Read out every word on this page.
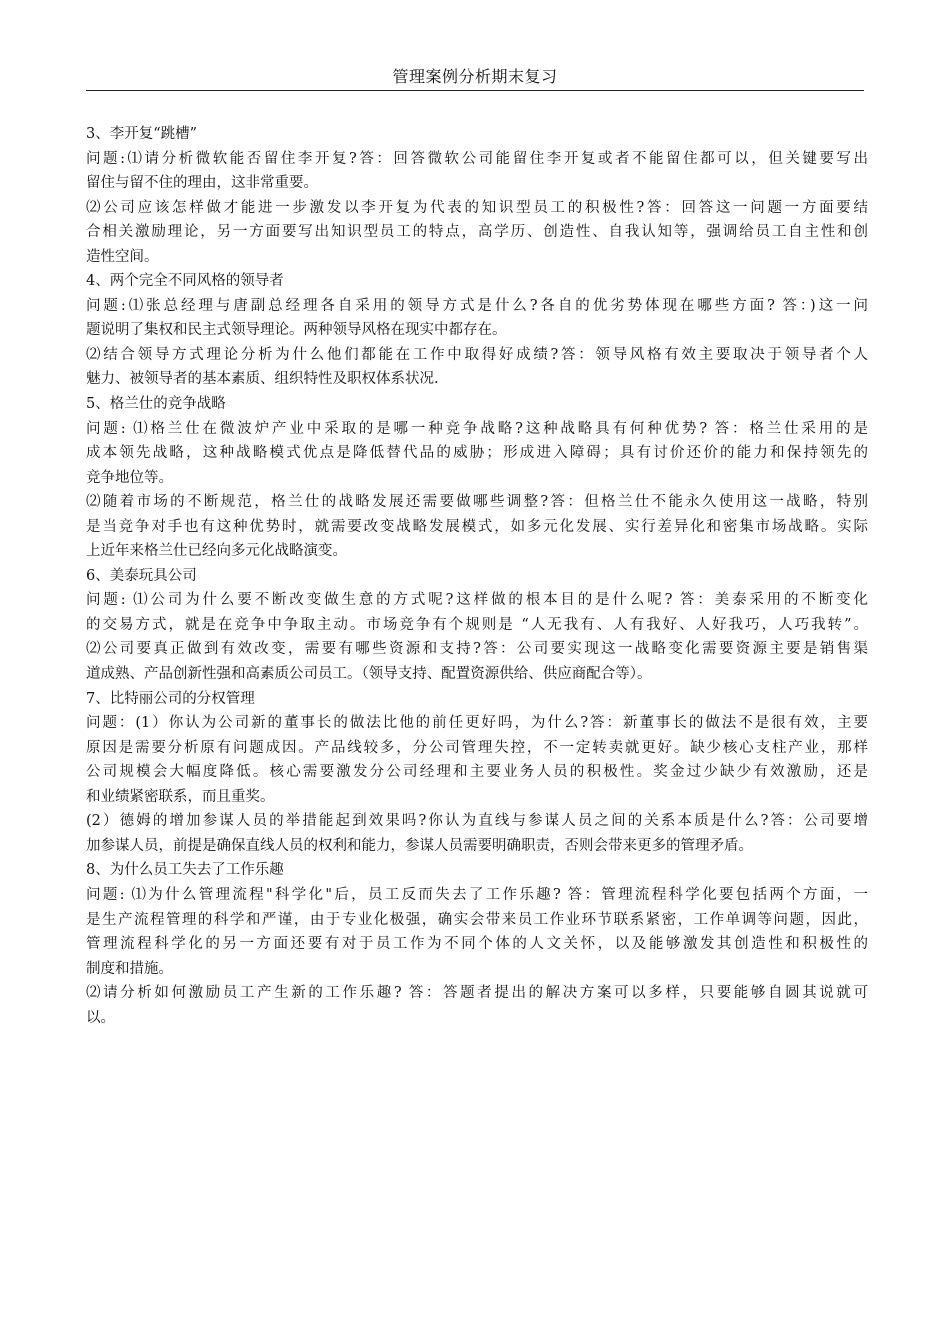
管理案例分析期末复习
3、李开复“跳槽”
问题:⑴请分析微软能否留住李开复?答：回答微软公司能留住李开复或者不能留住都可以，但关键要写出
留住与留不住的理由，这非常重要。
⑵公司应该怎样做才能进一步激发以李开复为代表的知识型员工的积极性?答：回答这一问题一方面要结
合相关激励理论，另一方面要写出知识型员工的特点，高学历、创造性、自我认知等，强调给员工自主性和创
造性空间。
4、两个完全不同风格的领导者
问题:⑴张总经理与唐副总经理各自采用的领导方式是什么?各自的优劣势体现在哪些方面? 答：)这一问
题说明了集权和民主式领导理论。两种领导风格在现实中都存在。
⑵结合领导方式理论分析为什么他们都能在工作中取得好成绩?答：领导风格有效主要取决于领导者个人
魅力、被领导者的基本素质、组织特性及职权体系状况.
5、格兰仕的竞争战略
问题: ⑴格兰仕在微波炉产业中采取的是哪一种竞争战略?这种战略具有何种优势? 答：格兰仕采用的是
成本领先战略，这种战略模式优点是降低替代品的威胁；形成进入障碍；具有讨价还价的能力和保持领先的
竞争地位等。
⑵随着市场的不断规范，格兰仕的战略发展还需要做哪些调整?答：但格兰仕不能永久使用这一战略，特别
是当竞争对手也有这种优势时，就需要改变战略发展模式，如多元化发展、实行差异化和密集市场战略。实际
上近年来格兰仕已经向多元化战略演变。
6、美泰玩具公司
问题: ⑴公司为什么要不断改变做生意的方式呢?这样做的根本目的是什么呢? 答：美泰采用的不断变化
的交易方式，就是在竞争中争取主动。市场竞争有个规则是 “人无我有、人有我好、人好我巧，人巧我转”。
⑵公司要真正做到有效改变，需要有哪些资源和支持?答：公司要实现这一战略变化需要资源主要是销售渠
道成熟、产品创新性强和高素质公司员工。（领导支持、配置资源供给、供应商配合等）。
7、比特丽公司的分权管理
问题：(1）你认为公司新的董事长的做法比他的前任更好吗，为什么?答：新董事长的做法不是很有效，主要
原因是需要分析原有问题成因。产品线较多，分公司管理失控，不一定转卖就更好。缺少核心支柱产业，那样
公司规模会大幅度降低。核心需要激发分公司经理和主要业务人员的积极性。奖金过少缺少有效激励，还是
和业绩紧密联系，而且重奖。
(2）德姆的增加参谋人员的举措能起到效果吗?你认为直线与参谋人员之间的关系本质是什么?答：公司要增
加参谋人员，前提是确保直线人员的权利和能力，参谋人员需要明确职责，否则会带来更多的管理矛盾。
8、为什么员工失去了工作乐趣
问题: ⑴为什么管理流程"科学化"后，员工反而失去了工作乐趣? 答：管理流程科学化要包括两个方面，一
是生产流程管理的科学和严谨，由于专业化极强，确实会带来员工作业环节联系紧密，工作单调等问题，因此，
管理流程科学化的另一方面还要有对于员工作为不同个体的人文关怀，以及能够激发其创造性和积极性的
制度和措施。
⑵请分析如何激励员工产生新的工作乐趣? 答：答题者提出的解决方案可以多样，只要能够自圆其说就可
以。
